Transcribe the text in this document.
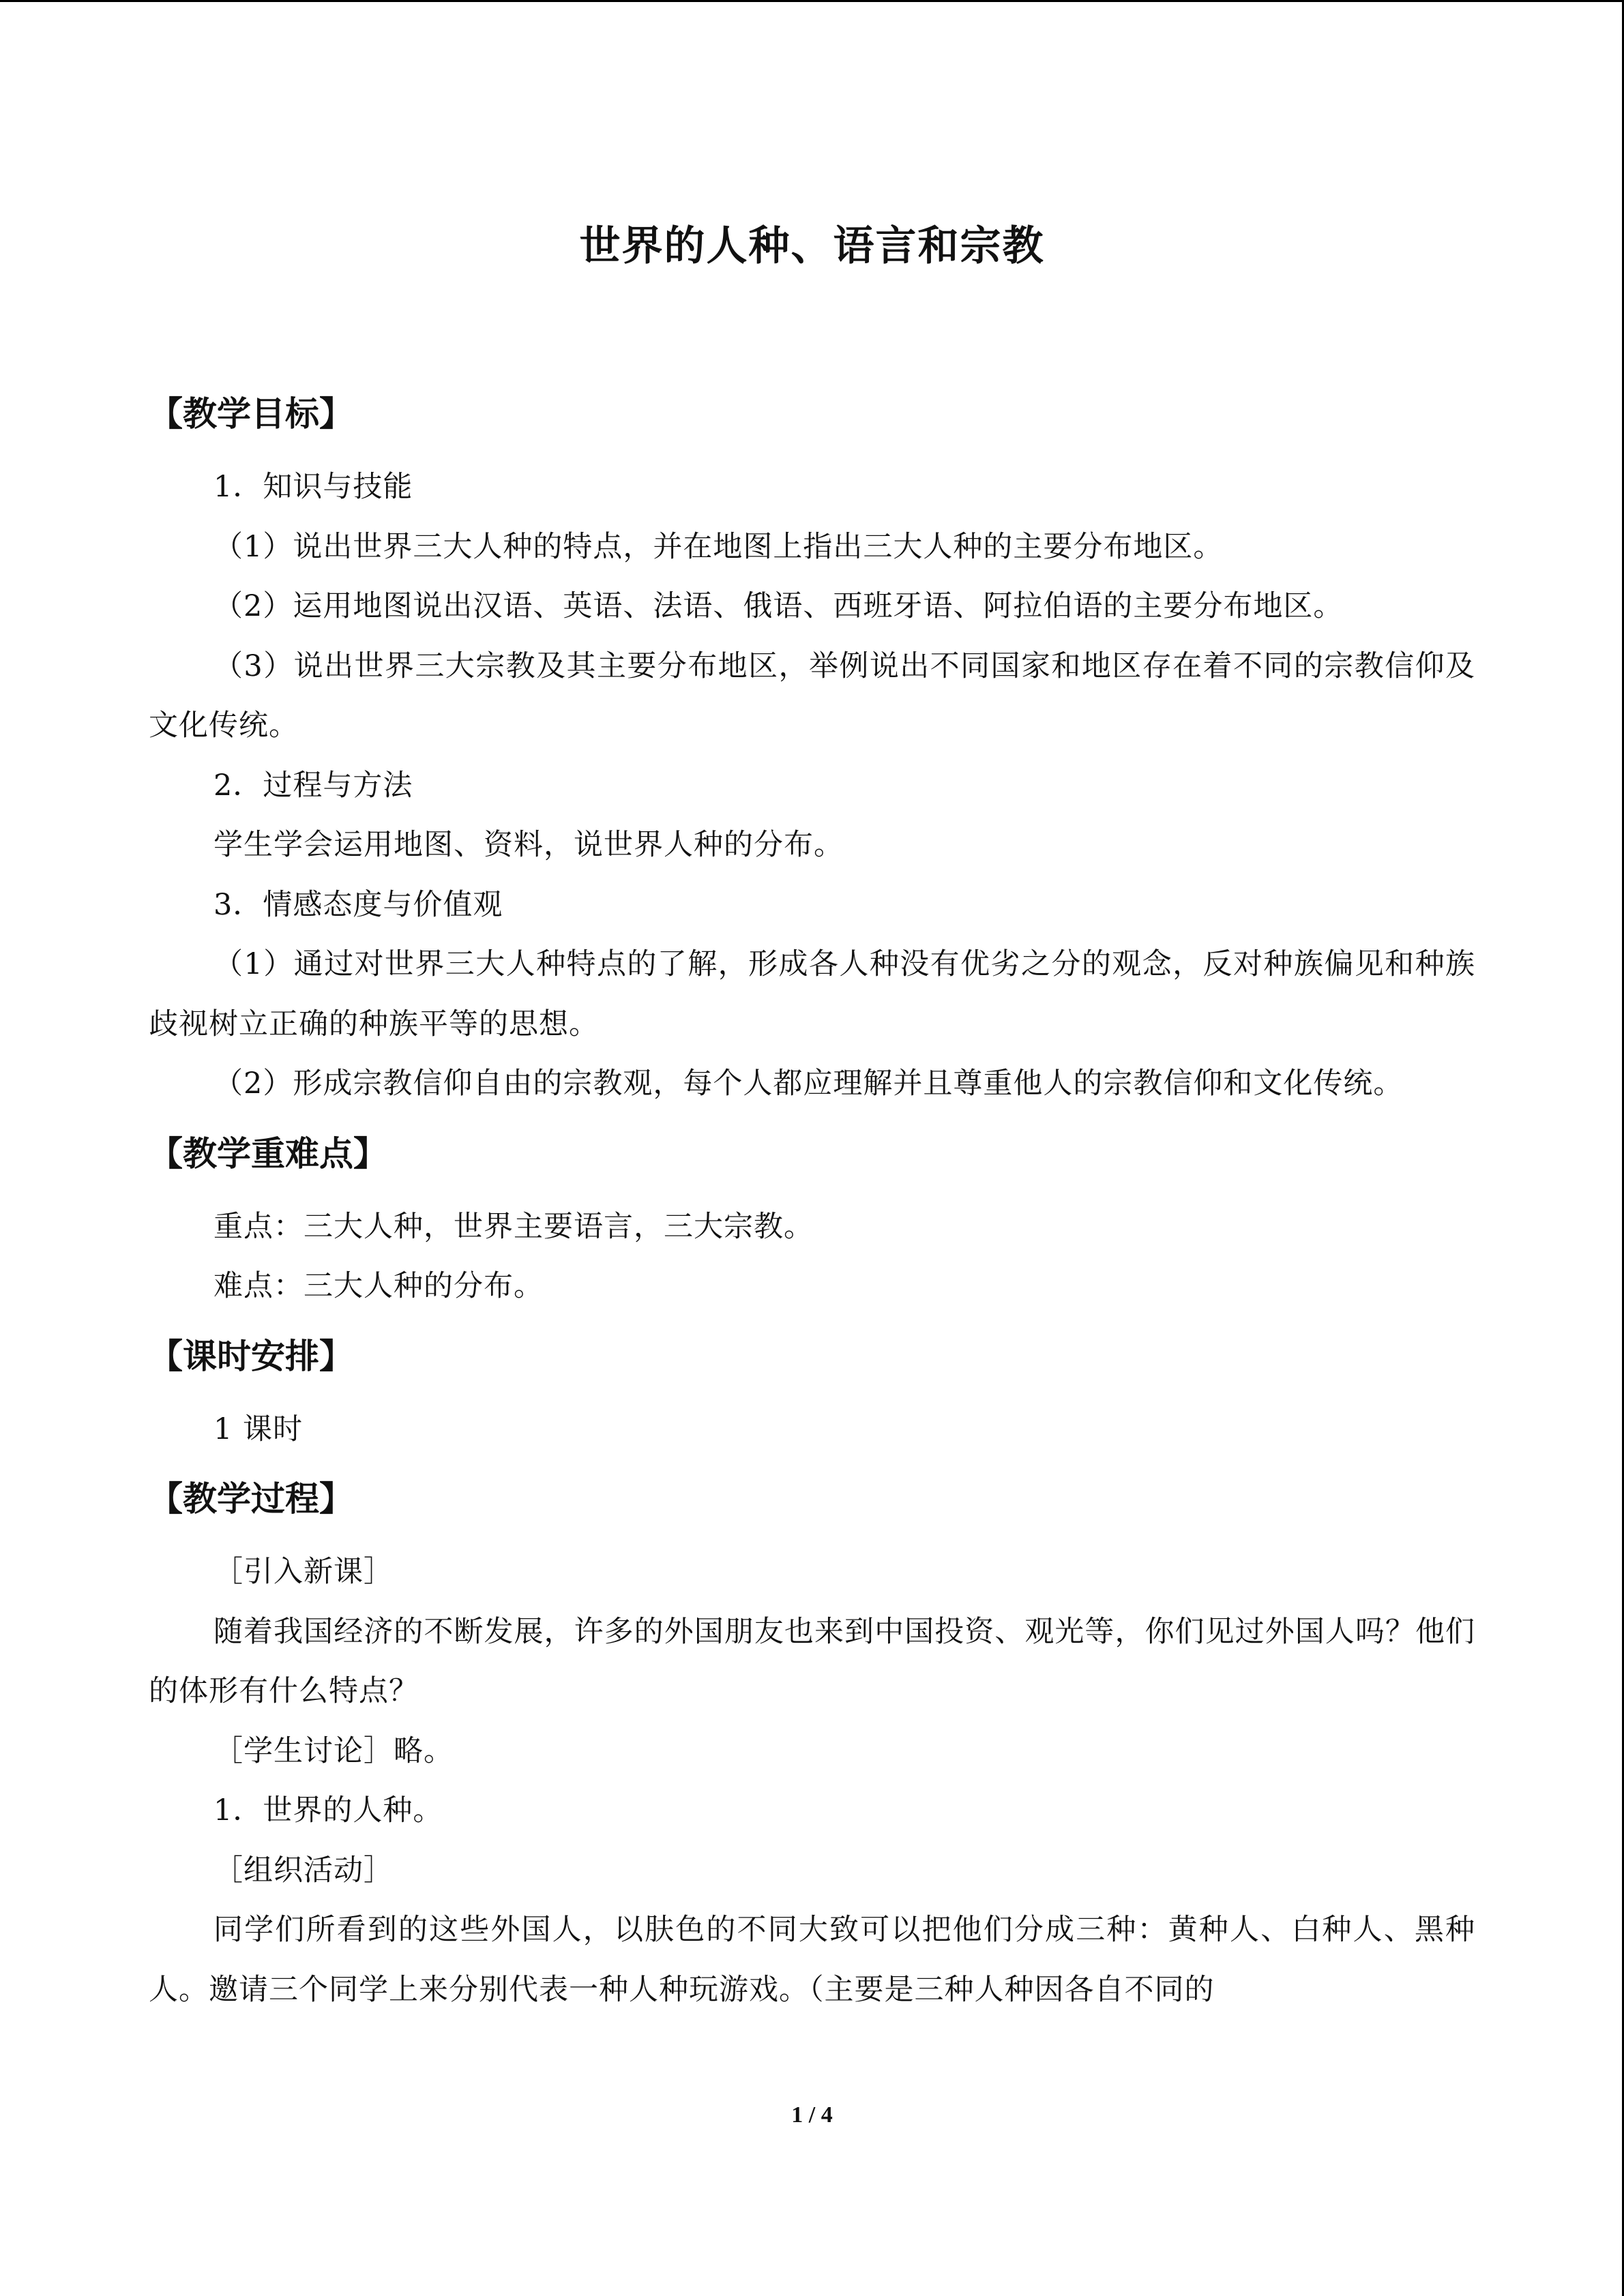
世界的人种、语言和宗教
【教学目标】
1．知识与技能
（1）说出世界三大人种的特点，并在地图上指出三大人种的主要分布地区。
（2）运用地图说出汉语、英语、法语、俄语、西班牙语、阿拉伯语的主要分布地区。
（3）说出世界三大宗教及其主要分布地区，举例说出不同国家和地区存在着不同的宗教信仰及文化传统。
2．过程与方法
学生学会运用地图、资料，说世界人种的分布。
3．情感态度与价值观
（1）通过对世界三大人种特点的了解，形成各人种没有优劣之分的观念，反对种族偏见和种族歧视树立正确的种族平等的思想。
（2）形成宗教信仰自由的宗教观，每个人都应理解并且尊重他人的宗教信仰和文化传统。
【教学重难点】
重点：三大人种，世界主要语言，三大宗教。
难点：三大人种的分布。
【课时安排】
1 课时
【教学过程】
［引入新课］
随着我国经济的不断发展，许多的外国朋友也来到中国投资、观光等，你们见过外国人吗？他们的体形有什么特点？
［学生讨论］略。
1．世界的人种。
［组织活动］
同学们所看到的这些外国人，以肤色的不同大致可以把他们分成三种：黄种人、白种人、黑种人。邀请三个同学上来分别代表一种人种玩游戏。（主要是三种人种因各自不同的
1 / 4
